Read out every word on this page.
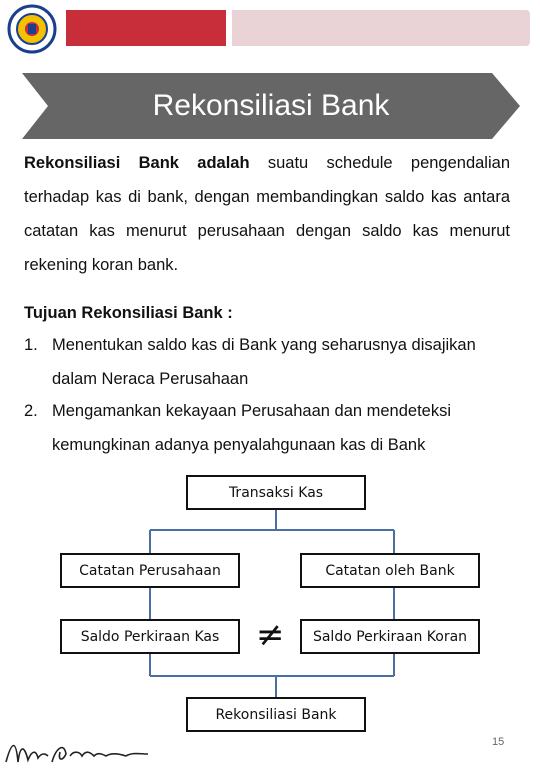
Rekonsiliasi Bank
Rekonsiliasi Bank adalah suatu schedule pengendalian terhadap kas di bank, dengan membandingkan saldo kas antara catatan kas menurut perusahaan dengan saldo kas menurut rekening koran bank.
Tujuan Rekonsiliasi Bank :
1. Menentukan saldo kas di Bank yang seharusnya disajikan
dalam Neraca Perusahaan
2. Mengamankan kekayaan Perusahaan dan mendeteksi
kemungkinan adanya penyalahgunaan kas di Bank
Transaksi Kas
Catatan Perusahaan	Catatan oleh Bank
Saldo Perkiraan Kas	Saldo Perkiraan Koran
≠
Rekonsiliasi Bank
15
